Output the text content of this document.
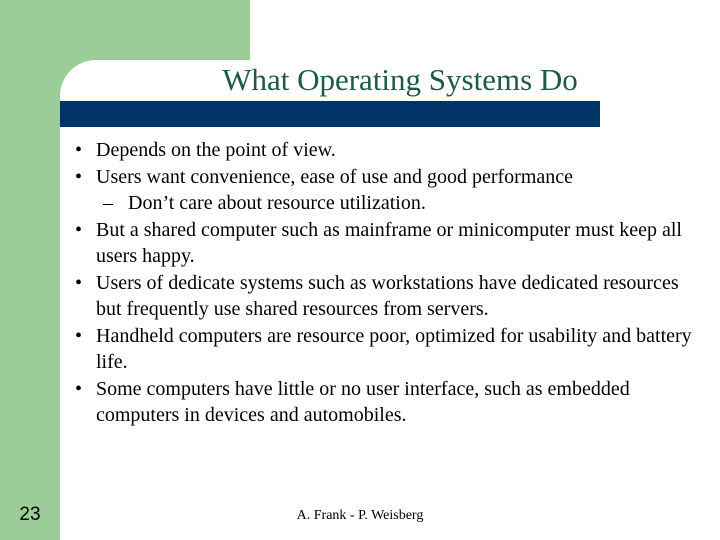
What Operating Systems Do
• Depends on the point of view.
• Users want convenience, ease of use and good performance
– Don’t care about resource utilization.
• But a shared computer such as mainframe or minicomputer must keep all users happy.
• Users of dedicate systems such as workstations have dedicated resources but frequently use shared resources from servers.
• Handheld computers are resource poor, optimized for usability and battery life.
• Some computers have little or no user interface, such as embedded computers in devices and automobiles.
23	A. Frank - P. Weisberg
